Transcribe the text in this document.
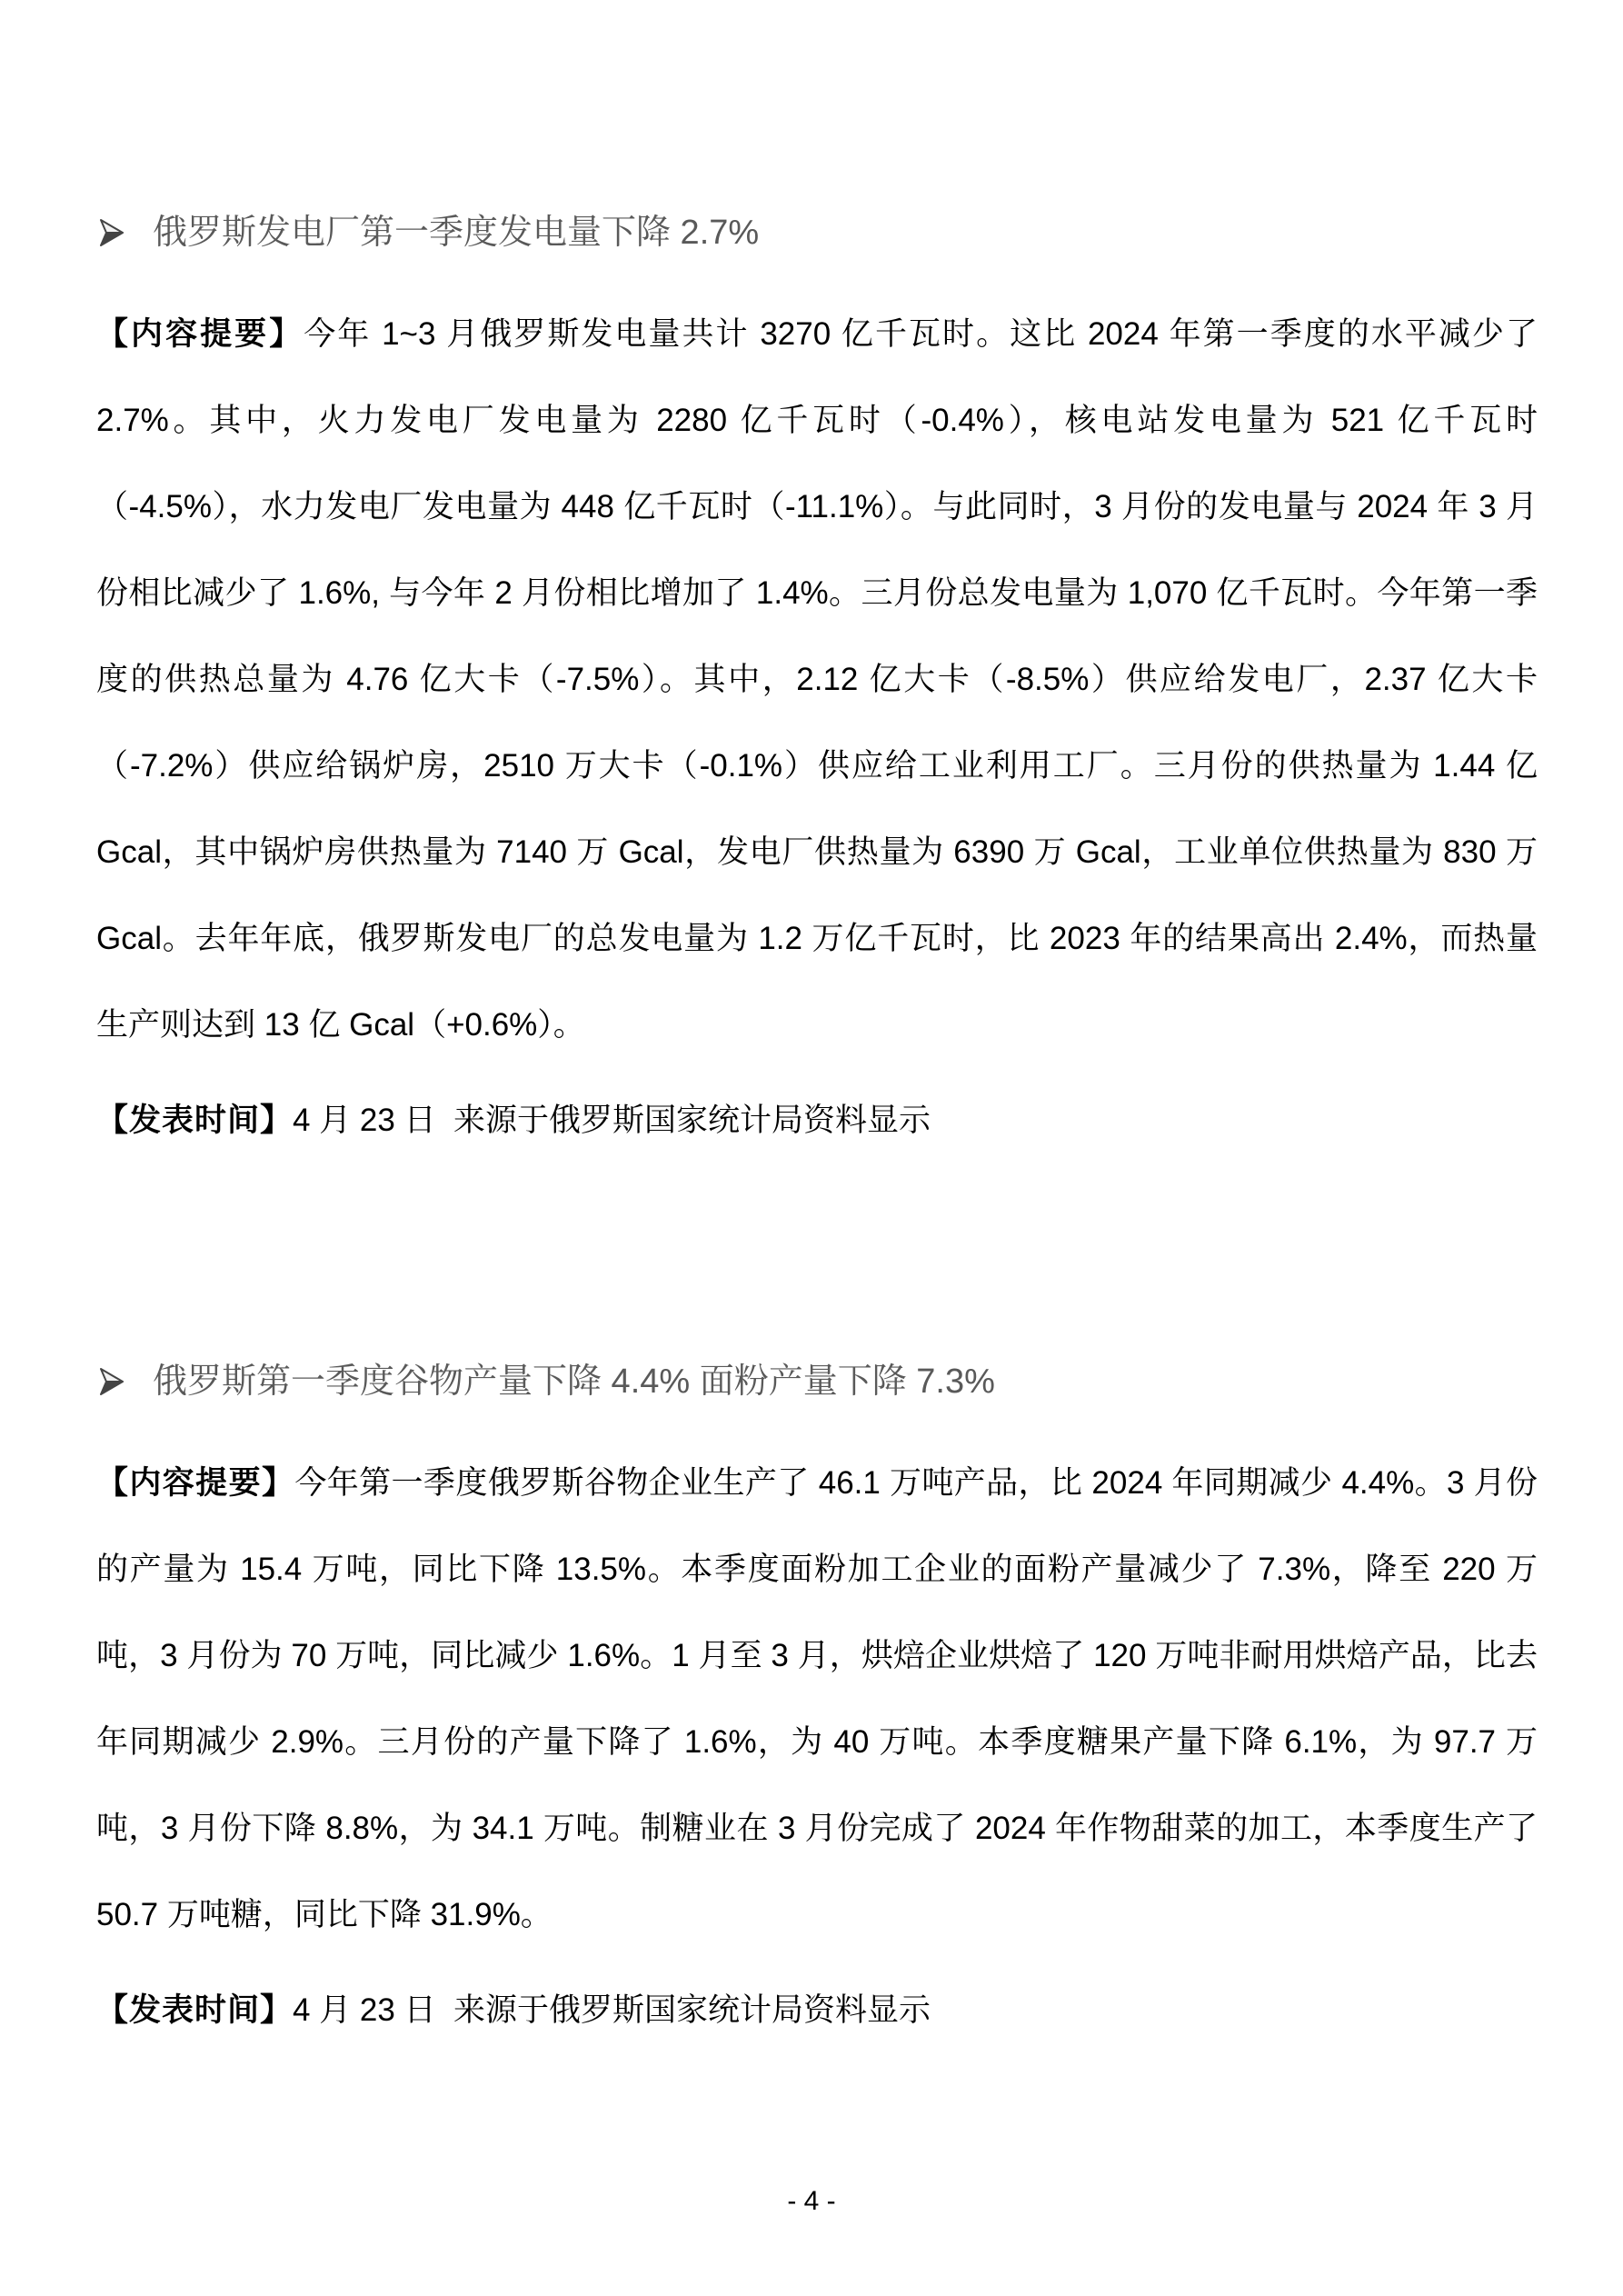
俄罗斯发电厂第一季度发电量下降 2.7%

【内容提要】今年 1~3 月俄罗斯发电量共计 3270 亿千瓦时。这比 2024 年第一季度的水平减少了 2.7%。其中，火力发电厂发电量为 2280 亿千瓦时（-0.4%），核电站发电量为 521 亿千瓦时（-4.5%），水力发电厂发电量为 448 亿千瓦时（-11.1%）。与此同时，3 月份的发电量与 2024 年 3 月份相比减少了 1.6%, 与今年 2 月份相比增加了 1.4%。三月份总发电量为 1,070 亿千瓦时。今年第一季度的供热总量为 4.76 亿大卡（-7.5%）。其中，2.12 亿大卡（-8.5%）供应给发电厂，2.37 亿大卡（-7.2%）供应给锅炉房，2510 万大卡（-0.1%）供应给工业利用工厂。三月份的供热量为 1.44 亿 Gcal，其中锅炉房供热量为 7140 万 Gcal，发电厂供热量为 6390 万 Gcal，工业单位供热量为 830 万 Gcal。去年年底，俄罗斯发电厂的总发电量为 1.2 万亿千瓦时，比 2023 年的结果高出 2.4%，而热量生产则达到 13 亿 Gcal（+0.6%）。

【发表时间】4 月 23 日  来源于俄罗斯国家统计局资料显示

俄罗斯第一季度谷物产量下降 4.4% 面粉产量下降 7.3%

【内容提要】今年第一季度俄罗斯谷物企业生产了 46.1 万吨产品，比 2024 年同期减少 4.4%。3 月份的产量为 15.4 万吨，同比下降 13.5%。本季度面粉加工企业的面粉产量减少了 7.3%，降至 220 万吨，3 月份为 70 万吨，同比减少 1.6%。1 月至 3 月，烘焙企业烘焙了 120 万吨非耐用烘焙产品，比去年同期减少 2.9%。三月份的产量下降了 1.6%，为 40 万吨。本季度糖果产量下降 6.1%，为 97.7 万吨，3 月份下降 8.8%，为 34.1 万吨。制糖业在 3 月份完成了 2024 年作物甜菜的加工，本季度生产了 50.7 万吨糖，同比下降 31.9%。

【发表时间】4 月 23 日  来源于俄罗斯国家统计局资料显示

- 4 -
